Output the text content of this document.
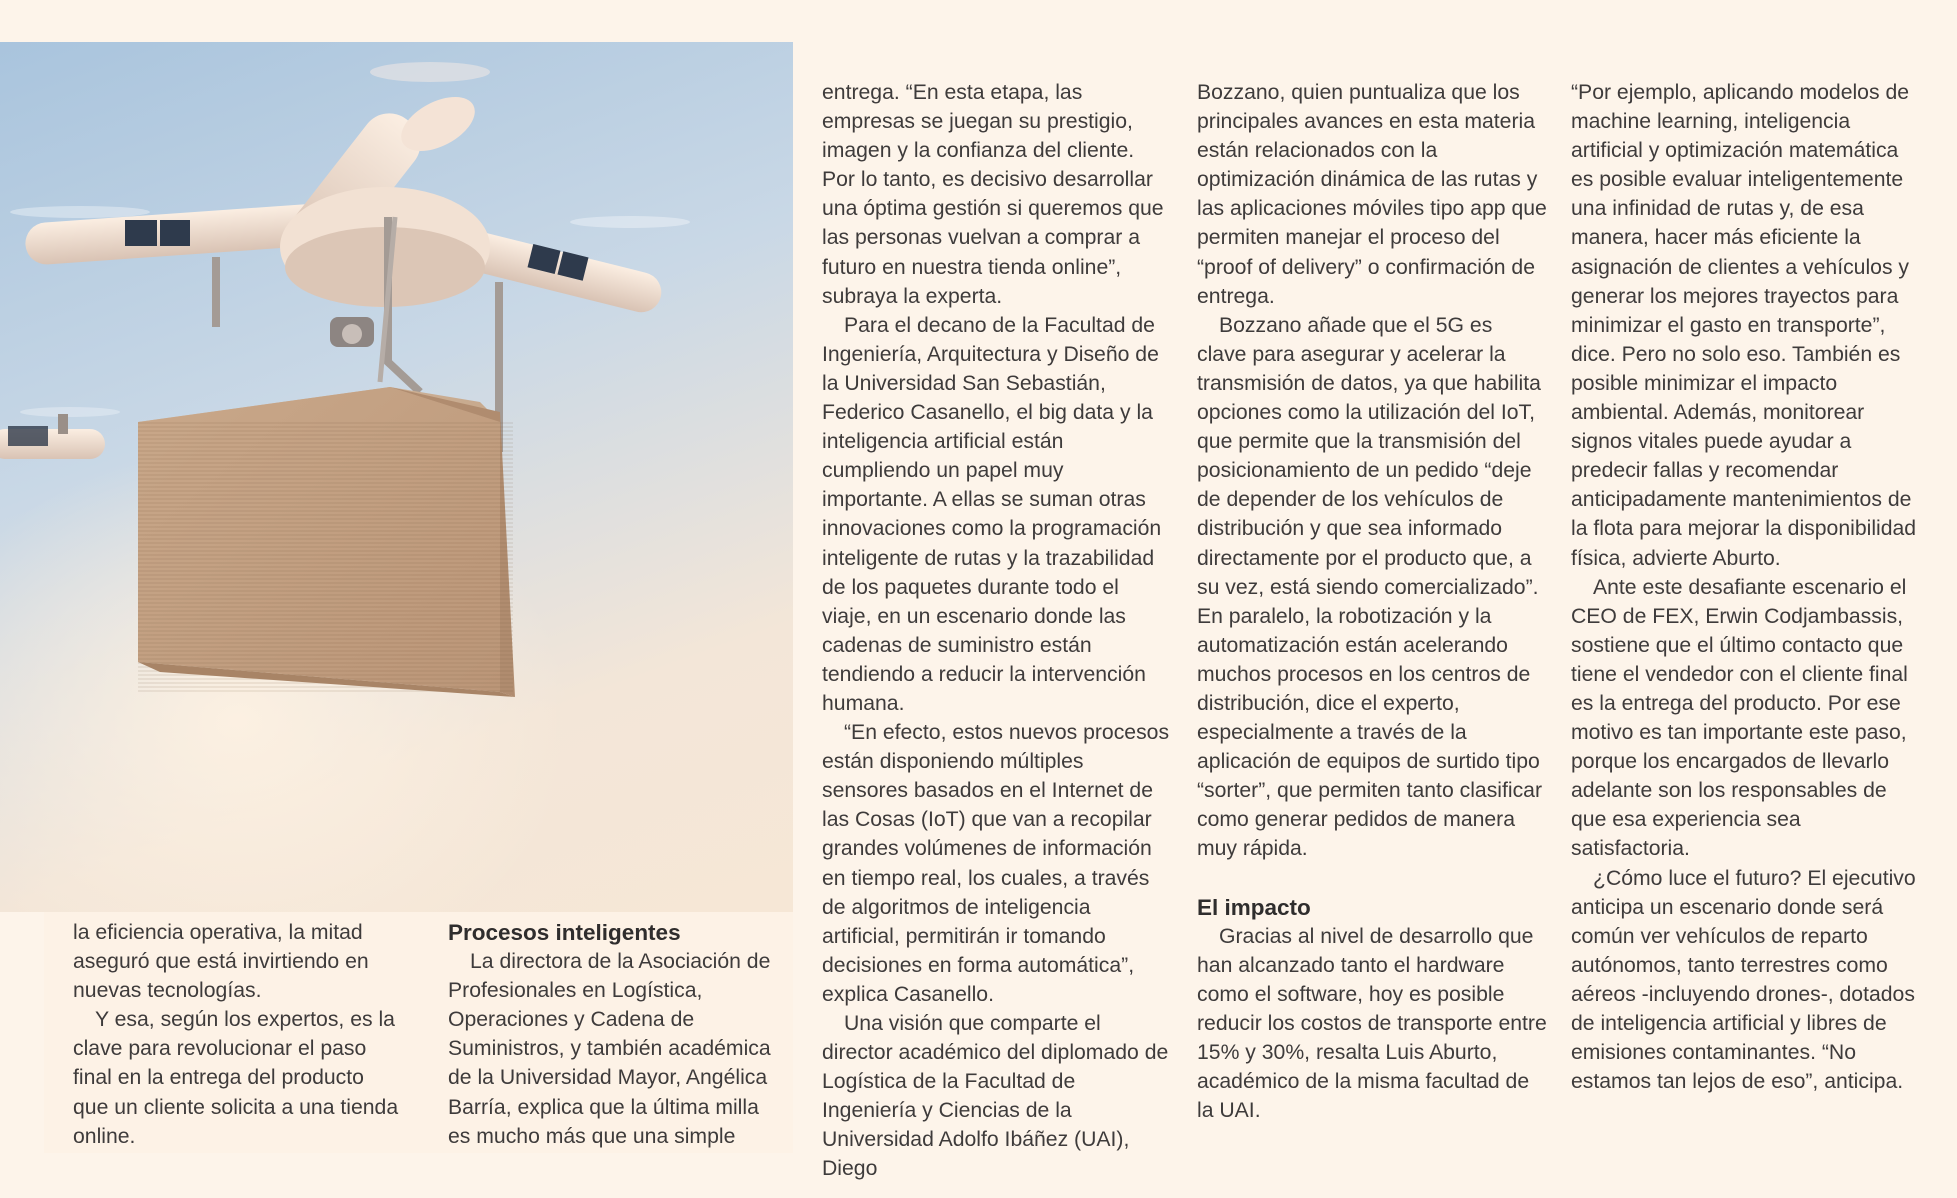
la eficiencia operativa, la mitad aseguró que está invirtiendo en nuevas tecnologías.

Y esa, según los expertos, es la clave para revolucionar el paso final en la entrega del producto que un cliente solicita a una tienda online.

Procesos inteligentes

La directora de la Asociación de Profesionales en Logística, Operaciones y Cadena de Suministros, y también académica de la Universidad Mayor, Angélica Barría, explica que la última milla es mucho más que una simple

entrega. “En esta etapa, las empresas se juegan su prestigio, imagen y la confianza del cliente. Por lo tanto, es decisivo desarrollar una óptima gestión si queremos que las personas vuelvan a comprar a futuro en nuestra tienda online”, subraya la experta.

Para el decano de la Facultad de Ingeniería, Arquitectura y Diseño de la Universidad San Sebastián, Federico Casanello, el big data y la inteligencia artificial están cumpliendo un papel muy importante. A ellas se suman otras innovaciones como la programación inteligente de rutas y la trazabilidad de los paquetes durante todo el viaje, en un escenario donde las cadenas de suministro están tendiendo a reducir la intervención humana.

“En efecto, estos nuevos procesos están disponiendo múltiples sensores basados en el Internet de las Cosas (IoT) que van a recopilar grandes volúmenes de información en tiempo real, los cuales, a través de algoritmos de inteligencia artificial, permitirán ir tomando decisiones en forma automática”, explica Casanello.

Una visión que comparte el director académico del diplomado de Logística de la Facultad de Ingeniería y Ciencias de la Universidad Adolfo Ibáñez (UAI), Diego

Bozzano, quien puntualiza que los principales avances en esta materia están relacionados con la optimización dinámica de las rutas y las aplicaciones móviles tipo app que permiten manejar el proceso del “proof of delivery” o confirmación de entrega.

Bozzano añade que el 5G es clave para asegurar y acelerar la transmisión de datos, ya que habilita opciones como la utilización del IoT, que permite que la transmisión del posicionamiento de un pedido “deje de depender de los vehículos de distribución y que sea informado directamente por el producto que, a su vez, está siendo comercializado”. En paralelo, la robotización y la automatización están acelerando muchos procesos en los centros de distribución, dice el experto, especialmente a través de la aplicación de equipos de surtido tipo “sorter”, que permiten tanto clasificar como generar pedidos de manera muy rápida.

El impacto

Gracias al nivel de desarrollo que han alcanzado tanto el hardware como el software, hoy es posible reducir los costos de transporte entre 15% y 30%, resalta Luis Aburto, académico de la misma facultad de la UAI.

“Por ejemplo, aplicando modelos de machine learning, inteligencia artificial y optimización matemática es posible evaluar inteligentemente una infinidad de rutas y, de esa manera, hacer más eficiente la asignación de clientes a vehículos y generar los mejores trayectos para minimizar el gasto en transporte”, dice. Pero no solo eso. También es posible minimizar el impacto ambiental. Además, monitorear signos vitales puede ayudar a predecir fallas y recomendar anticipadamente mantenimientos de la flota para mejorar la disponibilidad física, advierte Aburto.

Ante este desafiante escenario el CEO de FEX, Erwin Codjambassis, sostiene que el último contacto que tiene el vendedor con el cliente final es la entrega del producto. Por ese motivo es tan importante este paso, porque los encargados de llevarlo adelante son los responsables de que esa experiencia sea satisfactoria.

¿Cómo luce el futuro? El ejecutivo anticipa un escenario donde será común ver vehículos de reparto autónomos, tanto terrestres como aéreos -incluyendo drones-, dotados de inteligencia artificial y libres de emisiones contaminantes. “No estamos tan lejos de eso”, anticipa.
